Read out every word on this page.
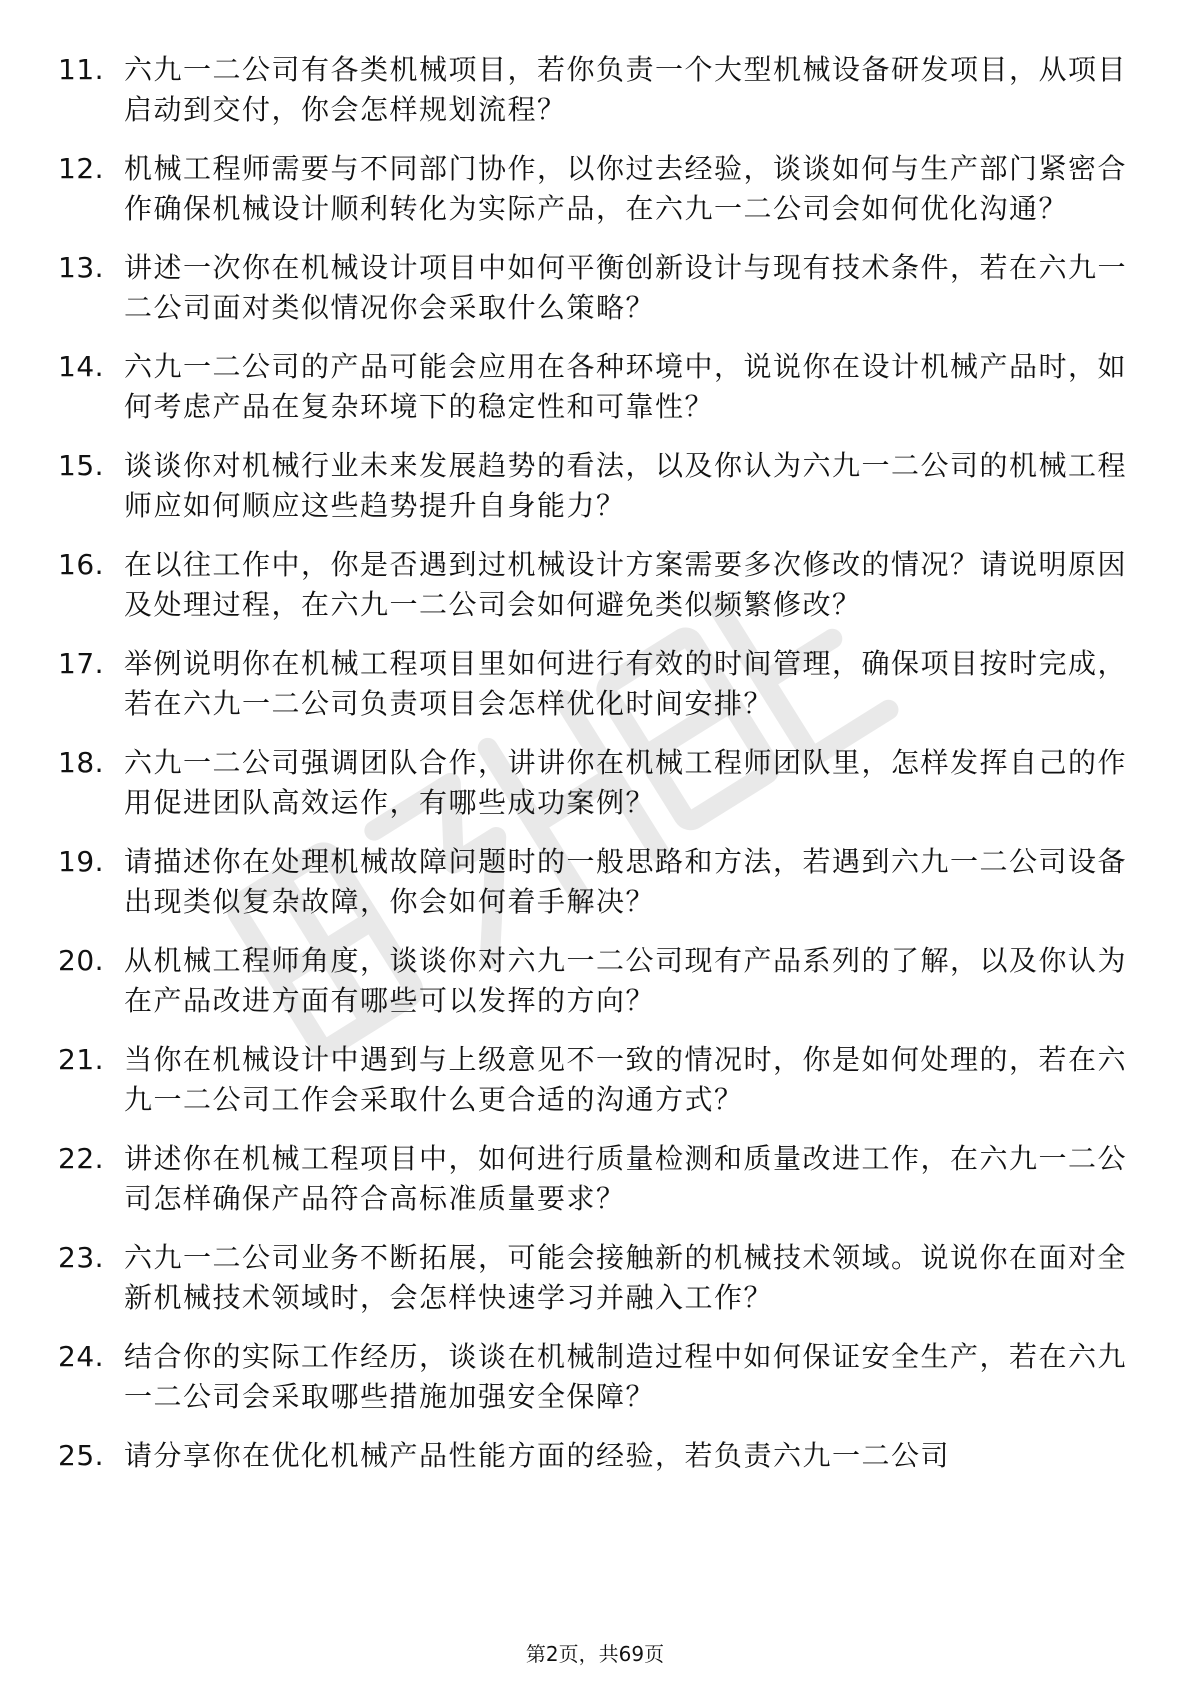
11. 六九一二公司有各类机械项目，若你负责一个大型机械设备研发项目，从项目启动到交付，你会怎样规划流程？

12. 机械工程师需要与不同部门协作，以你过去经验，谈谈如何与生产部门紧密合作确保机械设计顺利转化为实际产品，在六九一二公司会如何优化沟通？

13. 讲述一次你在机械设计项目中如何平衡创新设计与现有技术条件，若在六九一二公司面对类似情况你会采取什么策略？

14. 六九一二公司的产品可能会应用在各种环境中，说说你在设计机械产品时，如何考虑产品在复杂环境下的稳定性和可靠性？

15. 谈谈你对机械行业未来发展趋势的看法，以及你认为六九一二公司的机械工程师应如何顺应这些趋势提升自身能力？

16. 在以往工作中，你是否遇到过机械设计方案需要多次修改的情况？请说明原因及处理过程，在六九一二公司会如何避免类似频繁修改？

17. 举例说明你在机械工程项目里如何进行有效的时间管理，确保项目按时完成，若在六九一二公司负责项目会怎样优化时间安排？

18. 六九一二公司强调团队合作，讲讲你在机械工程师团队里，怎样发挥自己的作用促进团队高效运作，有哪些成功案例？

19. 请描述你在处理机械故障问题时的一般思路和方法，若遇到六九一二公司设备出现类似复杂故障，你会如何着手解决？

20. 从机械工程师角度，谈谈你对六九一二公司现有产品系列的了解，以及你认为在产品改进方面有哪些可以发挥的方向？

21. 当你在机械设计中遇到与上级意见不一致的情况时，你是如何处理的，若在六九一二公司工作会采取什么更合适的沟通方式？

22. 讲述你在机械工程项目中，如何进行质量检测和质量改进工作，在六九一二公司怎样确保产品符合高标准质量要求？

23. 六九一二公司业务不断拓展，可能会接触新的机械技术领域。说说你在面对全新机械技术领域时，会怎样快速学习并融入工作？

24. 结合你的实际工作经历，谈谈在机械制造过程中如何保证安全生产，若在六九一二公司会采取哪些措施加强安全保障？

25. 请分享你在优化机械产品性能方面的经验，若负责六九一二公司

第2页，共69页
